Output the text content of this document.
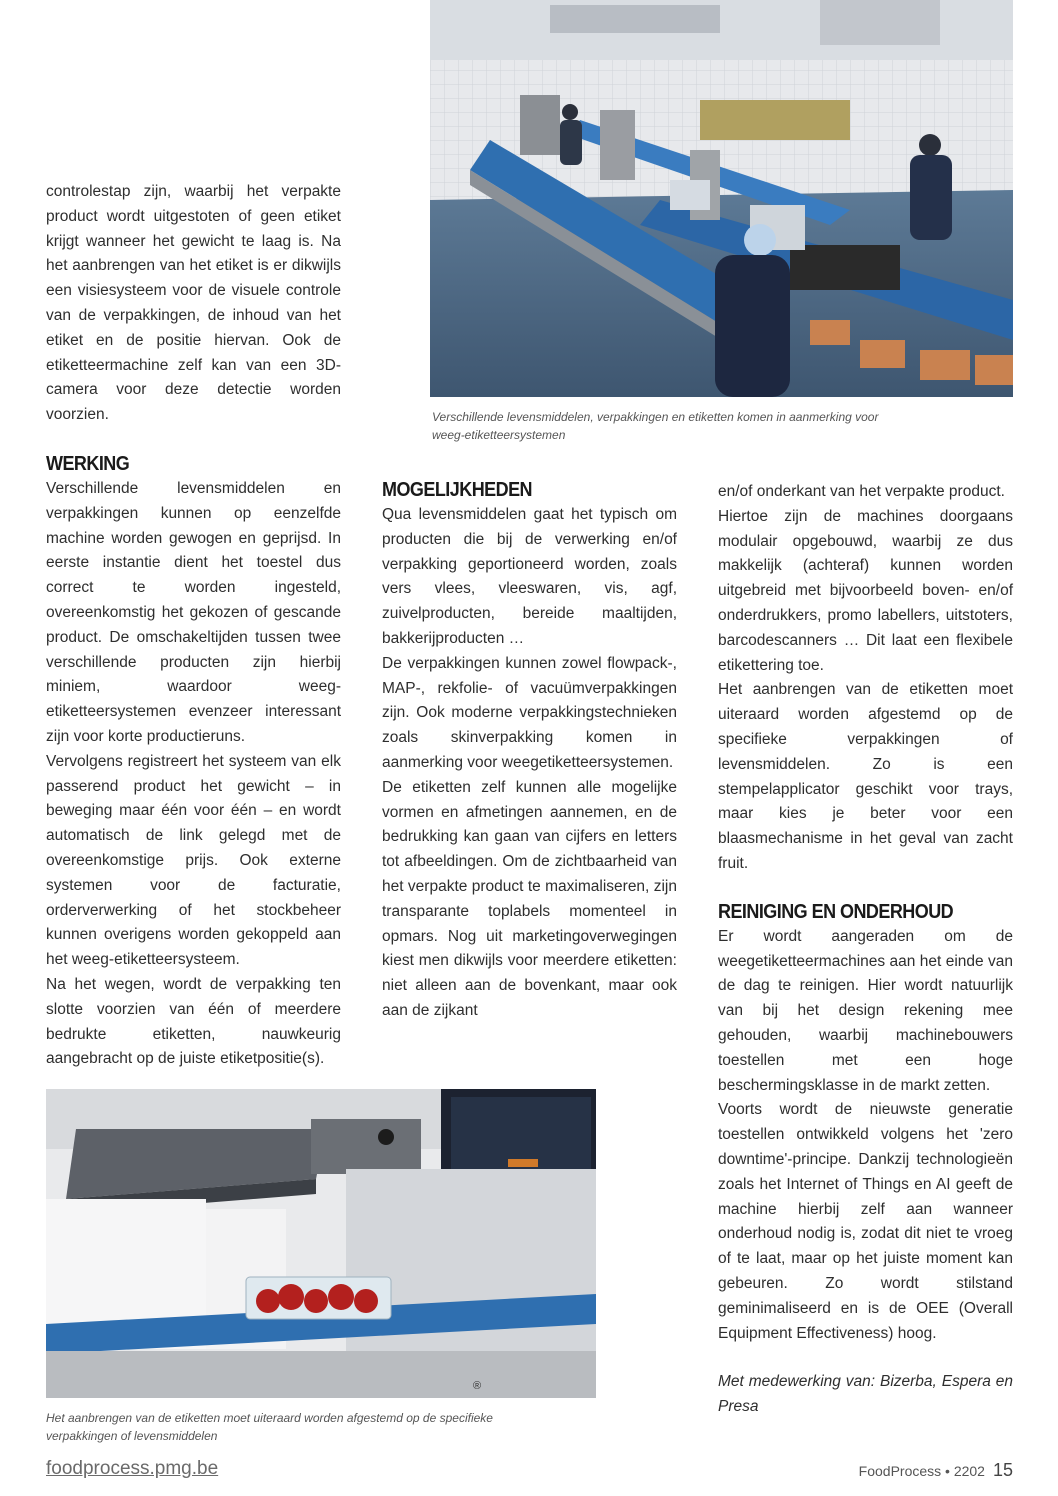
Verschillende levensmiddelen, verpakkingen en etiketten komen in aanmerking voor weeg-etiketteersystemen

controlestap zijn, waarbij het verpakte product wordt uitgestoten of geen etiket krijgt wanneer het gewicht te laag is. Na het aanbrengen van het etiket is er dikwijls een visiesysteem voor de visuele controle van de verpakkingen, de inhoud van het etiket en de positie hiervan. Ook de etiketteermachine zelf kan van een 3D-camera voor deze detectie worden voorzien.

WERKING

Verschillende levensmiddelen en verpakkingen kunnen op eenzelfde machine worden gewogen en geprijsd. In eerste instantie dient het toestel dus correct te worden ingesteld, overeenkomstig het gekozen of gescande product. De omschakeltijden tussen twee verschillende producten zijn hierbij miniem, waardoor weeg-etiketteersystemen evenzeer interessant zijn voor korte productieruns.

Vervolgens registreert het systeem van elk passerend product het gewicht – in beweging maar één voor één – en wordt automatisch de link gelegd met de overeenkomstige prijs. Ook externe systemen voor de facturatie, orderverwerking of het stockbeheer kunnen overigens worden gekoppeld aan het weeg-etiketteersysteem.

Na het wegen, wordt de verpakking ten slotte voorzien van één of meerdere bedrukte etiketten, nauwkeurig aangebracht op de juiste etiketpositie(s).

MOGELIJKHEDEN

Qua levensmiddelen gaat het typisch om producten die bij de verwerking en/of verpakking geportioneerd worden, zoals vers vlees, vleeswaren, vis, agf, zuivelproducten, bereide maaltijden, bakkerijproducten …

De verpakkingen kunnen zowel flowpack-, MAP-, rekfolie- of vacuümverpakkingen zijn. Ook moderne verpakkingstechnieken zoals skinverpakking komen in aanmerking voor weegetiketteersystemen.

De etiketten zelf kunnen alle mogelijke vormen en afmetingen aannemen, en de bedrukking kan gaan van cijfers en letters tot afbeeldingen. Om de zichtbaarheid van het verpakte product te maximaliseren, zijn transparante toplabels momenteel in opmars. Nog uit marketingoverwegingen kiest men dikwijls voor meerdere etiketten: niet alleen aan de bovenkant, maar ook aan de zijkant

en/of onderkant van het verpakte product.

Hiertoe zijn de machines doorgaans modulair opgebouwd, waarbij ze dus makkelijk (achteraf) kunnen worden uitgebreid met bijvoorbeeld boven- en/of onderdrukkers, promo labellers, uitstoters, barcodescanners … Dit laat een flexibele etikettering toe.

Het aanbrengen van de etiketten moet uiteraard worden afgestemd op de specifieke verpakkingen of levensmiddelen. Zo is een stempelapplicator geschikt voor trays, maar kies je beter voor een blaasmechanisme in het geval van zacht fruit.

REINIGING EN ONDERHOUD

Er wordt aangeraden om de weegetiketteermachines aan het einde van de dag te reinigen. Hier wordt natuurlijk van bij het design rekening mee gehouden, waarbij machinebouwers toestellen met een hoge beschermingsklasse in de markt zetten.

Voorts wordt de nieuwste generatie toestellen ontwikkeld volgens het 'zero downtime'-principe. Dankzij technologieën zoals het Internet of Things en AI geeft de machine hierbij zelf aan wanneer onderhoud nodig is, zodat dit niet te vroeg of te laat, maar op het juiste moment kan gebeuren. Zo wordt stilstand geminimaliseerd en is de OEE (Overall Equipment Effectiveness) hoog.

Met medewerking van: Bizerba, Espera en Presa

®
Het aanbrengen van de etiketten moet uiteraard worden afgestemd op de specifieke verpakkingen of levensmiddelen
foodprocess.pmg.be	FoodProcess • 2202 15
